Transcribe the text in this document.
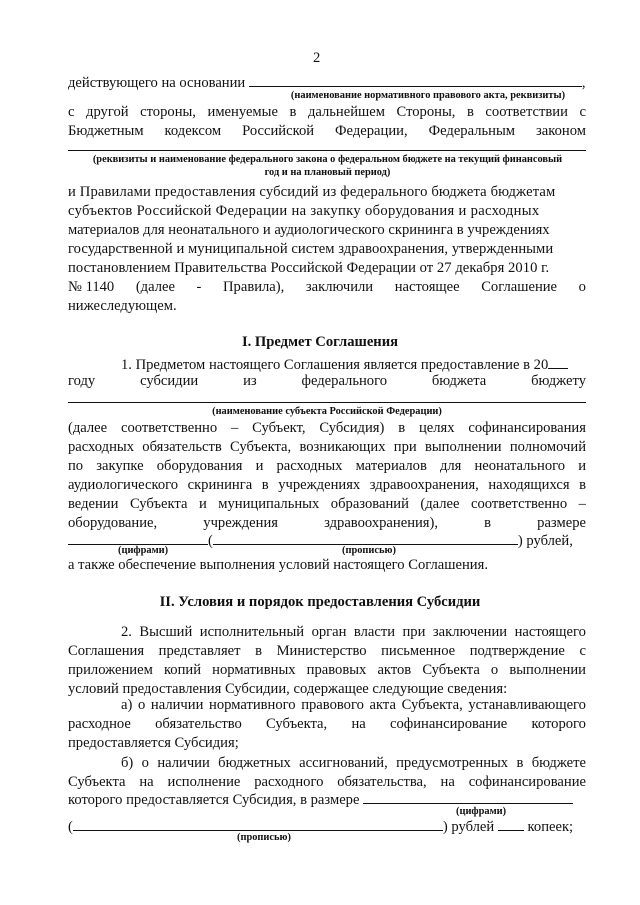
2
действующего на основании	,
(наименование нормативного правового акта, реквизиты)
с другой стороны, именуемые в дальнейшем Стороны, в соответствии с
Бюджетным кодексом Российской Федерации, Федеральным законом
(реквизиты и наименование федерального закона о федеральном бюджете на текущий финансовый
год и на плановый период)
и Правилами предоставления субсидий из федерального бюджета бюджетам
субъектов Российской Федерации на закупку оборудования и расходных
материалов для неонатального и аудиологического скрининга в учреждениях
государственной и муниципальной систем здравоохранения, утвержденными
постановлением Правительства Российской Федерации от 27 декабря 2010 г.
№ 1140 (далее - Правила), заключили настоящее Соглашение о
нижеследующем.
I. Предмет Соглашения
1. Предметом настоящего Соглашения является предоставление в 20
году	субсидии	из	федерального	бюджета	бюджету
(наименование субъекта Российской Федерации)
(далее соответственно – Субъект, Субсидия) в целях софинансирования
расходных обязательств Субъекта, возникающих при выполнении полномочий
по закупке оборудования и расходных материалов для неонатального и
аудиологического скрининга в учреждениях здравоохранения, находящихся в
ведении Субъекта и муниципальных образований (далее соответственно –
оборудование,	учреждения	здравоохранения),	в	размере
(	) рублей,
(цифрами)	(прописью)
а также обеспечение выполнения условий настоящего Соглашения.
II. Условия и порядок предоставления Субсидии
2. Высший исполнительный орган власти при заключении настоящего
Соглашения представляет в Министерство письменное подтверждение с
приложением копий нормативных правовых актов Субъекта о выполнении
условий предоставления Субсидии, содержащее следующие сведения:
а) о наличии нормативного правового акта Субъекта, устанавливающего
расходное обязательство Субъекта, на софинансирование которого
предоставляется Субсидия;
б) о наличии бюджетных ассигнований, предусмотренных в бюджете
Субъекта на исполнение расходного обязательства, на софинансирование
которого предоставляется Субсидия, в размере
(цифрами)
(	) рублей копеек;
(прописью)
